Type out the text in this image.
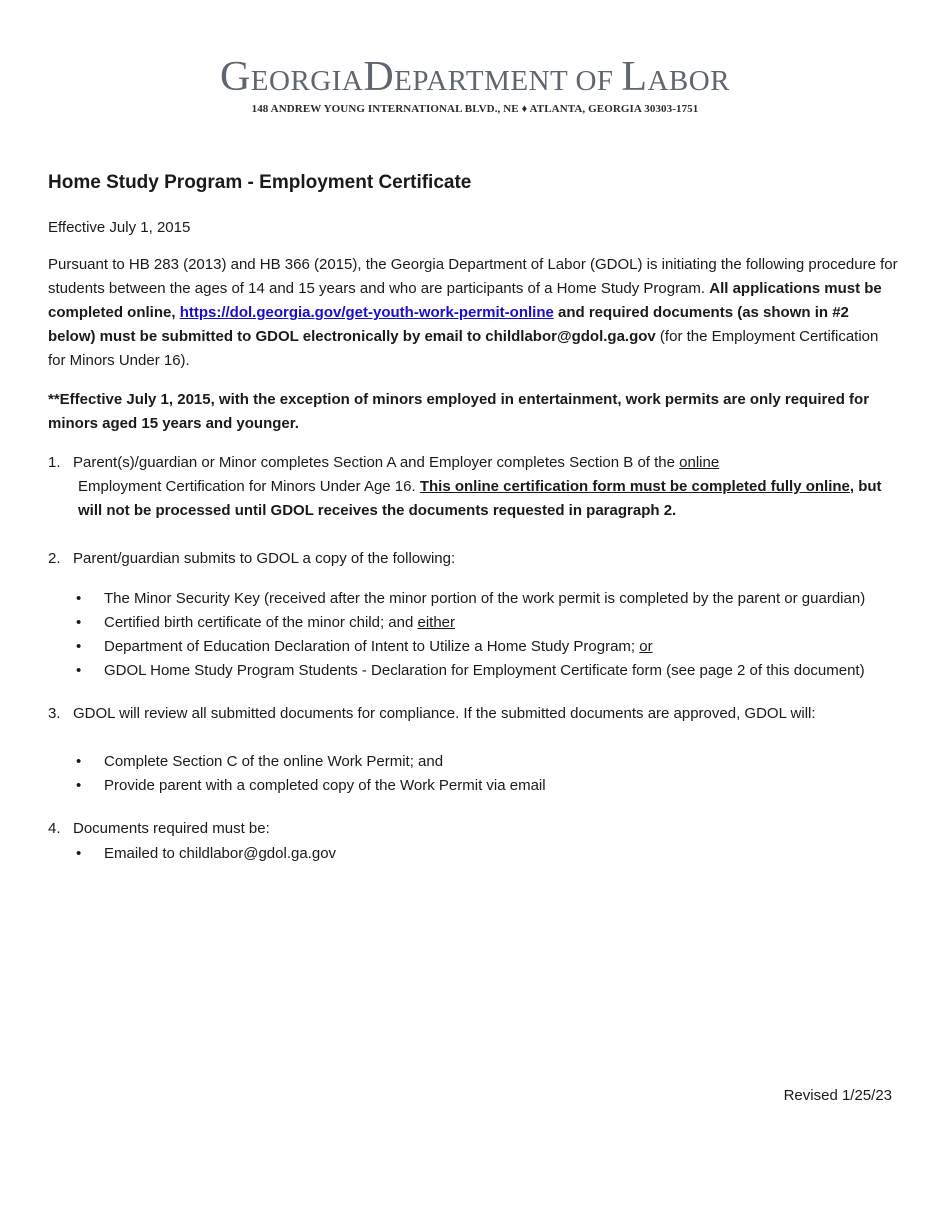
GEORGIADEPARTMENT OF LABOR
148 ANDREW YOUNG INTERNATIONAL BLVD., NE ♦ ATLANTA, GEORGIA 30303-1751
Home Study Program - Employment Certificate

Effective July 1, 2015

Pursuant to HB 283 (2013) and HB 366 (2015), the Georgia Department of Labor (GDOL) is initiating the following procedure for students between the ages of 14 and 15 years and who are participants of a Home Study Program. All applications must be completed online, https://dol.georgia.gov/get-youth-work-permit-online and required documents (as shown in #2 below) must be submitted to GDOL electronically by email to childlabor@gdol.ga.gov (for the Employment Certification for Minors Under 16).

**Effective July 1, 2015, with the exception of minors employed in entertainment, work permits are only required for minors aged 15 years and younger.

1. Parent(s)/guardian or Minor completes Section A and Employer completes Section B of the online
Employment Certification for Minors Under Age 16. This online certification form must be completed fully online, but will not be processed until GDOL receives the documents requested in paragraph 2.
2. Parent/guardian submits to GDOL a copy of the following:
• The Minor Security Key (received after the minor portion of the work permit is completed by the parent or guardian)
• Certified birth certificate of the minor child; and either
• Department of Education Declaration of Intent to Utilize a Home Study Program; or
• GDOL Home Study Program Students - Declaration for Employment Certificate form (see page 2 of this document)
3. GDOL will review all submitted documents for compliance. If the submitted documents are approved, GDOL will:
• Complete Section C of the online Work Permit; and
• Provide parent with a completed copy of the Work Permit via email
4. Documents required must be:
• Emailed to childlabor@gdol.ga.gov
Revised 1/25/23
